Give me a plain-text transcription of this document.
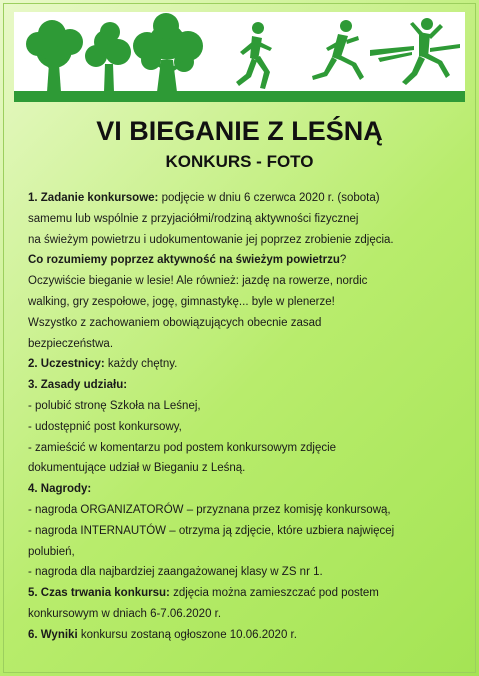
VI BIEGANIE Z LEŚNĄ
KONKURS - FOTO
1. Zadanie konkursowe: podjęcie w dniu 6 czerwca 2020 r. (sobota)
samemu lub wspólnie z przyjaciółmi/rodziną aktywności fizycznej
na świeżym powietrzu i udokumentowanie jej poprzez zrobienie zdjęcia.
Co rozumiemy poprzez aktywność na świeżym powietrzu?
Oczywiście bieganie w lesie! Ale również: jazdę na rowerze, nordic
walking, gry zespołowe, jogę, gimnastykę... byle w plenerze!
Wszystko z zachowaniem obowiązujących obecnie zasad
bezpieczeństwa.
2. Uczestnicy: każdy chętny.
3. Zasady udziału:
- polubić stronę Szkoła na Leśnej,
- udostępnić post konkursowy,
- zamieścić w komentarzu pod postem konkursowym zdjęcie
dokumentujące udział w Bieganiu z Leśną.
4. Nagrody:
- nagroda ORGANIZATORÓW – przyznana przez komisję konkursową,
- nagroda INTERNAUTÓW – otrzyma ją zdjęcie, które uzbiera najwięcej
polubień,
- nagroda dla najbardziej zaangażowanej klasy w ZS nr 1.
5. Czas trwania konkursu: zdjęcia można zamieszczać pod postem
konkursowym w dniach 6-7.06.2020 r.
6. Wyniki konkursu zostaną ogłoszone 10.06.2020 r.
